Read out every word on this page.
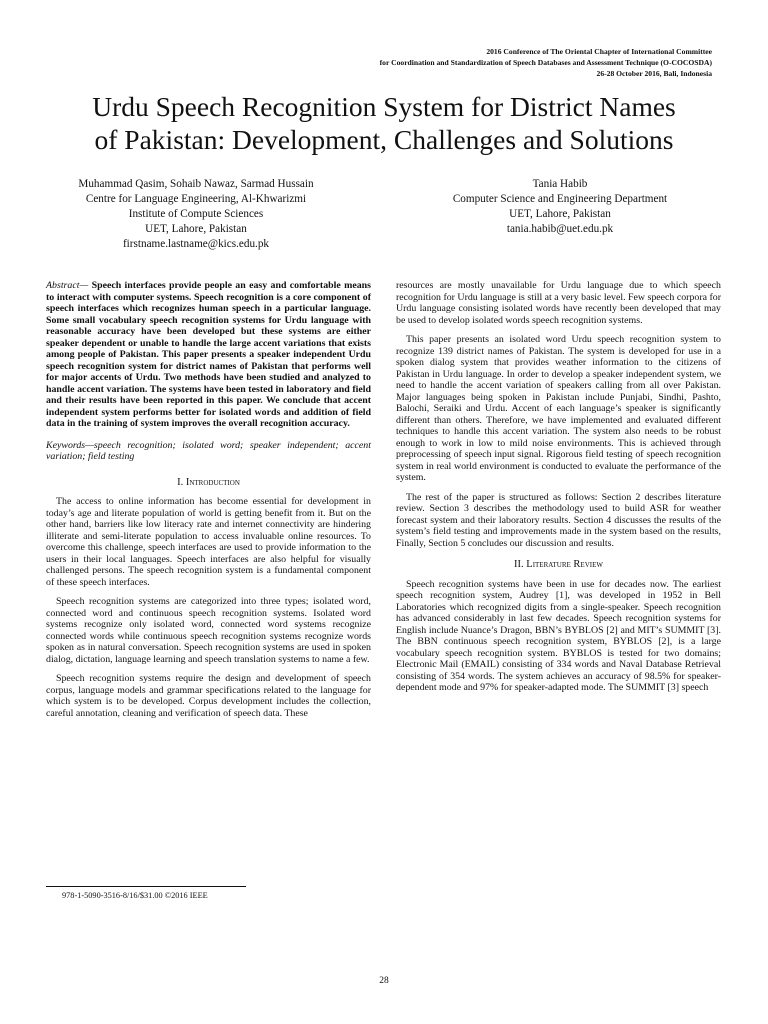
2016 Conference of The Oriental Chapter of International Committee
for Coordination and Standardization of Speech Databases and Assessment Technique (O-COCOSDA)
26-28 October 2016, Bali, Indonesia
Urdu Speech Recognition System for District Names
of Pakistan: Development, Challenges and Solutions
Muhammad Qasim, Sohaib Nawaz, Sarmad Hussain
Centre for Language Engineering, Al-Khwarizmi
Institute of Compute Sciences
UET, Lahore, Pakistan
firstname.lastname@kics.edu.pk
Tania Habib
Computer Science and Engineering Department
UET, Lahore, Pakistan
tania.habib@uet.edu.pk

Abstract— Speech interfaces provide people an easy and comfortable means to interact with computer systems. Speech recognition is a core component of speech interfaces which recognizes human speech in a particular language. Some small vocabulary speech recognition systems for Urdu language with reasonable accuracy have been developed but these systems are either speaker dependent or unable to handle the large accent variations that exists among people of Pakistan. This paper presents a speaker independent Urdu speech recognition system for district names of Pakistan that performs well for major accents of Urdu. Two methods have been studied and analyzed to handle accent variation. The systems have been tested in laboratory and field and their results have been reported in this paper. We conclude that accent independent system performs better for isolated words and addition of field data in the training of system improves the overall recognition accuracy.

Keywords—speech recognition; isolated word; speaker independent; accent variation; field testing

I. Introduction

The access to online information has become essential for development in today’s age and literate population of world is getting benefit from it. But on the other hand, barriers like low literacy rate and internet connectivity are hindering illiterate and semi-literate population to access invaluable online resources. To overcome this challenge, speech interfaces are used to provide information to the users in their local languages. Speech interfaces are also helpful for visually challenged persons. The speech recognition system is a fundamental component of these speech interfaces.

Speech recognition systems are categorized into three types; isolated word, connected word and continuous speech recognition systems. Isolated word systems recognize only isolated word, connected word systems recognize connected words while continuous speech recognition systems recognize words spoken as in natural conversation. Speech recognition systems are used in spoken dialog, dictation, language learning and speech translation systems to name a few.

Speech recognition systems require the design and development of speech corpus, language models and grammar specifications related to the language for which system is to be developed. Corpus development includes the collection, careful annotation, cleaning and verification of speech data. These

resources are mostly unavailable for Urdu language due to which speech recognition for Urdu language is still at a very basic level. Few speech corpora for Urdu language consisting isolated words have recently been developed that may be used to develop isolated words speech recognition systems.

This paper presents an isolated word Urdu speech recognition system to recognize 139 district names of Pakistan. The system is developed for use in a spoken dialog system that provides weather information to the citizens of Pakistan in Urdu language. In order to develop a speaker independent system, we need to handle the accent variation of speakers calling from all over Pakistan. Major languages being spoken in Pakistan include Punjabi, Sindhi, Pashto, Balochi, Seraiki and Urdu. Accent of each language’s speaker is significantly different than others. Therefore, we have implemented and evaluated different techniques to handle this accent variation. The system also needs to be robust enough to work in low to mild noise environments. This is achieved through preprocessing of speech input signal. Rigorous field testing of speech recognition system in real world environment is conducted to evaluate the performance of the system.

The rest of the paper is structured as follows: Section 2 describes literature review. Section 3 describes the methodology used to build ASR for weather forecast system and their laboratory results. Section 4 discusses the results of the system’s field testing and improvements made in the system based on the results, Finally, Section 5 concludes our discussion and results.

II. Literature Review

Speech recognition systems have been in use for decades now. The earliest speech recognition system, Audrey [1], was developed in 1952 in Bell Laboratories which recognized digits from a single-speaker. Speech recognition has advanced considerably in last few decades. Speech recognition systems for English include Nuance’s Dragon, BBN’s BYBLOS [2] and MIT’s SUMMIT [3]. The BBN continuous speech recognition system, BYBLOS [2], is a large vocabulary speech recognition system. BYBLOS is tested for two domains; Electronic Mail (EMAIL) consisting of 334 words and Naval Database Retrieval consisting of 354 words. The system achieves an accuracy of 98.5% for speaker-dependent mode and 97% for speaker-adapted mode. The SUMMIT [3] speech

978-1-5090-3516-8/16/$31.00 ©2016 IEEE
28
